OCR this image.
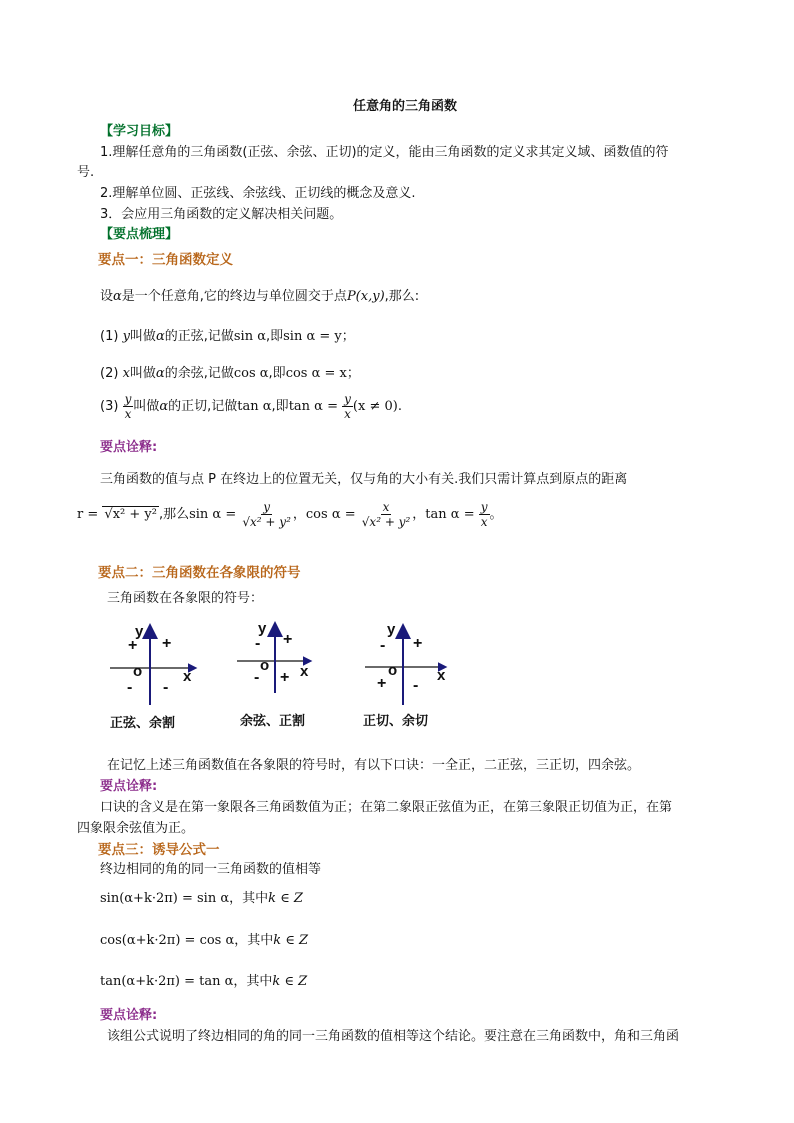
任意角的三角函数
【学习目标】
1.理解任意角的三角函数(正弦、余弦、正切)的定义，能由三角函数的定义求其定义域、函数值的符
号.
2.理解单位圆、正弦线、余弦线、正切线的概念及意义.
3．会应用三角函数的定义解决相关问题。
【要点梳理】
要点一：三角函数定义
设α是一个任意角,它的终边与单位圆交于点P(x,y),那么:
(1) y叫做α的正弦,记做sin α,即sin α = y；
(2) x叫做α的余弦,记做cos α,即cos α = x；
$(3) \frac{y}{x}$ 叫做α的正切,记做tan α,即$\tan \alpha = \frac{y}{x} (x \ne 0)$.
要点诠释:
三角函数的值与点 P 在终边上的位置无关，仅与角的大小有关.我们只需计算点到原点的距离
r = √x² + y² ,那么$\sin \alpha = \frac{y}{\text{√x² + y²}}$ ，$\cos \alpha = \frac{x}{\text{√x² + y²}}$ ，$\tan \alpha = \frac{y}{x}$ 。
要点二：三角函数在各象限的符号
三角函数在各象限的符号：
y
+ +
o	x
- -
y
- +
o x
- +
y
- +
o	x
+ -
正弦、余割	余弦、正割	正切、余切
在记忆上述三角函数值在各象限的符号时，有以下口诀：一全正，二正弦，三正切，四余弦。
要点诠释:
口诀的含义是在第一象限各三角函数值为正；在第二象限正弦值为正，在第三象限正切值为正，在第
四象限余弦值为正。
要点三：诱导公式一
终边相同的角的同一三角函数的值相等
sin(α+k·2π) = sin α，其中k ∈ Z
cos(α+k·2π) = cos α，其中k ∈ Z
tan(α+k·2π) = tan α，其中k ∈ Z
要点诠释:
该组公式说明了终边相同的角的同一三角函数的值相等这个结论。要注意在三角函数中，角和三角函
